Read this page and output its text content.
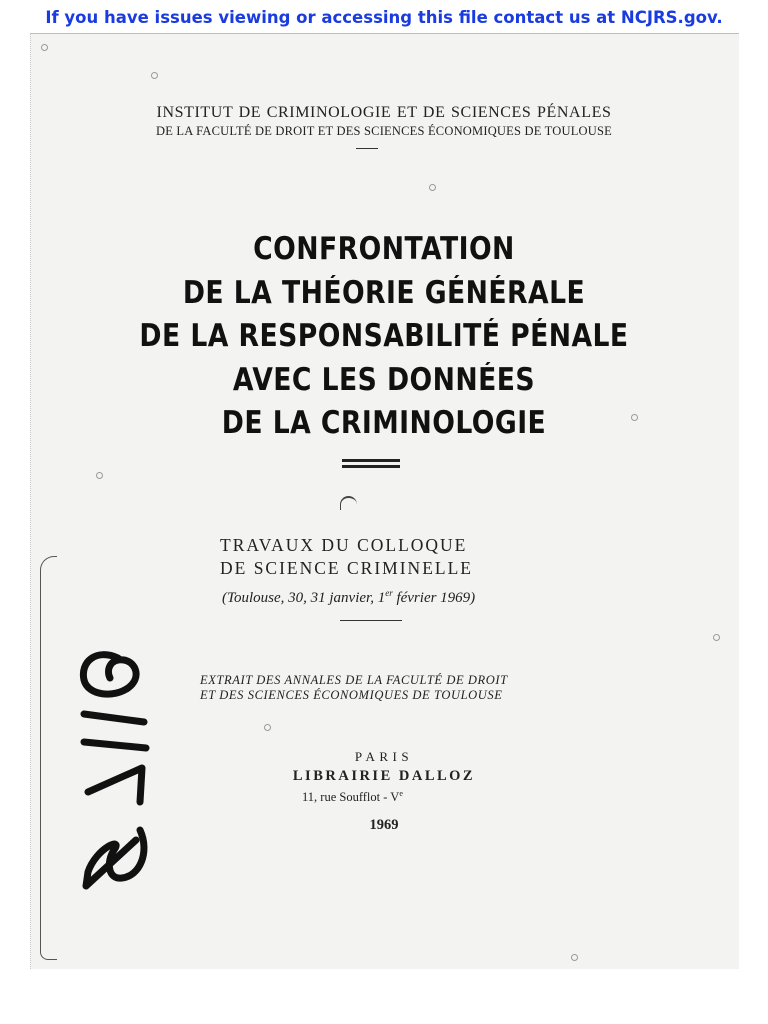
If you have issues viewing or accessing this file contact us at NCJRS.gov.
INSTITUT DE CRIMINOLOGIE ET DE SCIENCES PÉNALES
DE LA FACULTÉ DE DROIT ET DES SCIENCES ÉCONOMIQUES DE TOULOUSE
CONFRONTATION
DE LA THÉORIE GÉNÉRALE
DE LA RESPONSABILITÉ PÉNALE
AVEC LES DONNÉES
DE LA CRIMINOLOGIE
TRAVAUX DU COLLOQUE
DE SCIENCE CRIMINELLE
(Toulouse, 30, 31 janvier, 1er février 1969)
EXTRAIT DES ANNALES DE LA FACULTÉ DE DROIT
ET DES SCIENCES ÉCONOMIQUES DE TOULOUSE
PARIS
LIBRAIRIE DALLOZ
11, rue Soufflot - Ve
1969
